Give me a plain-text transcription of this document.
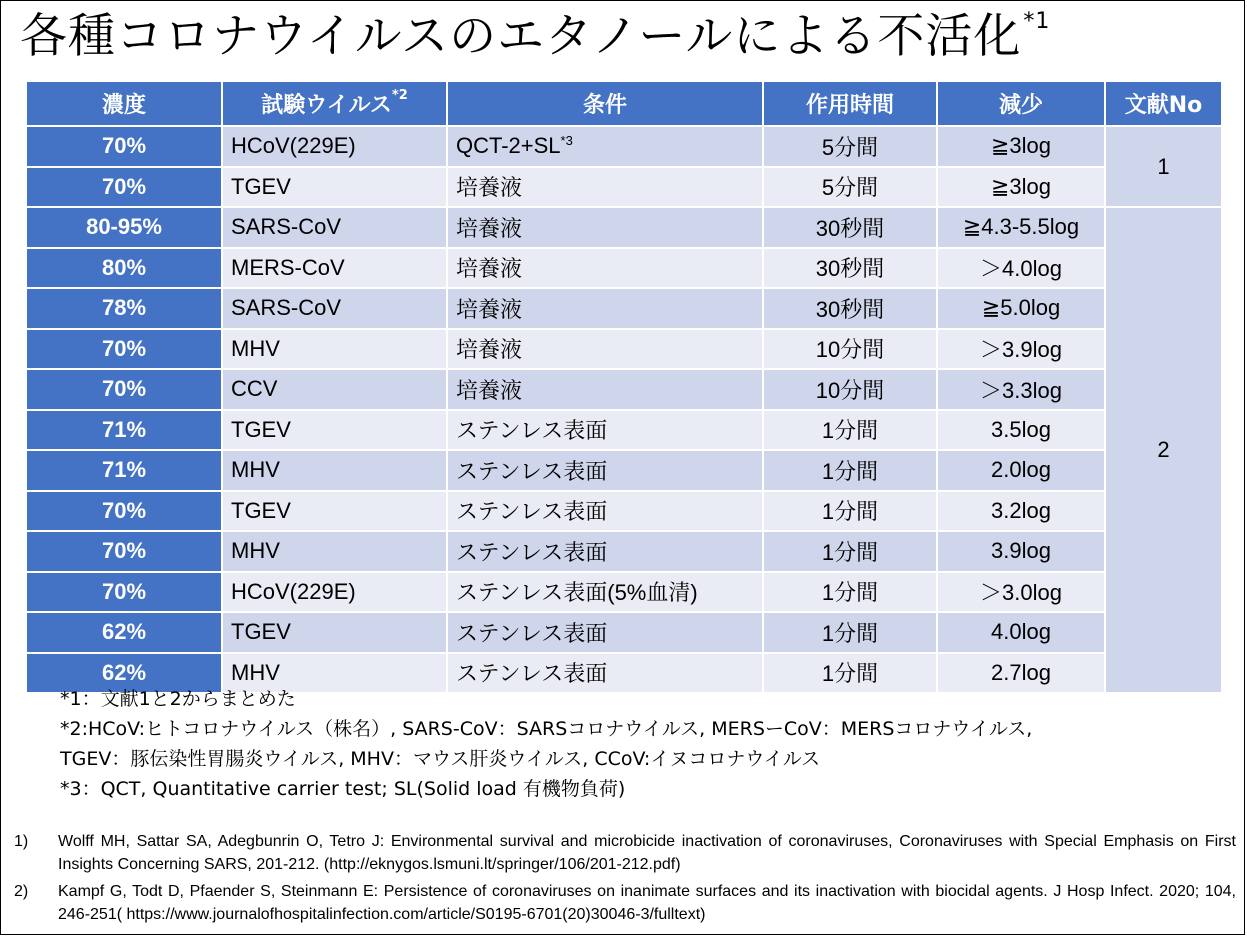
各種コロナウイルスのエタノールによる不活化$^{*1}$
濃度	試験ウイルス$^{*2}$	条件	作用時間	減少	文献No
70%	HCoV(229E)	QCT-$2+SL^{*3}$	5分間	≧3log	1
70%	TGEV	培養液	5分間	≧3log	
80-95%	SARS-CoV	培養液	30秒間	≧4.3-5.5log	2
80%	MERS-CoV	培養液	30秒間	＞4.0log	
78%	SARS-CoV	培養液	30秒間	≧5.0log	
70%	MHV	培養液	10分間	＞3.9log	
70%	CCV	培養液	10分間	＞3.3log	
71%	TGEV	ステンレス表面	1分間	3.5log	
71%	MHV	ステンレス表面	1分間	2.0log	
70%	TGEV	ステンレス表面	1分間	3.2log	
70%	MHV	ステンレス表面	1分間	3.9log	
70%	HCoV(229E)	ステンレス表面(5%血清)	1分間	＞3.0log	
62%	TGEV	ステンレス表面	1分間	4.0log	
62%	MHV	ステンレス表面	1分間	2.7log	
*1：文献1と2からまとめた
*2:HCoV:ヒトコロナウイルス（株名）, SARS-CoV：SARSコロナウイルス, MERSーCoV：MERSコロナウイルス,
TGEV：豚伝染性胃腸炎ウイルス, MHV：マウス肝炎ウイルス, CCoV:イヌコロナウイルス
*3：QCT, Quantitative carrier test; SL(Solid load 有機物負荷)
1) Wolff MH, Sattar SA, Adegbunrin O, Tetro J: Environmental survival and microbicide inactivation of coronaviruses, Coronaviruses with Special Emphasis on First Insights Concerning SARS, 201-212. (http://eknygos.lsmuni.lt/springer/106/201-212.pdf)
2) Kampf G, Todt D, Pfaender S, Steinmann E: Persistence of coronaviruses on inanimate surfaces and its inactivation with biocidal agents. J Hosp Infect. 2020; 104, 246-251( https://www.journalofhospitalinfection.com/article/S0195-6701(20)30046-3/fulltext)
